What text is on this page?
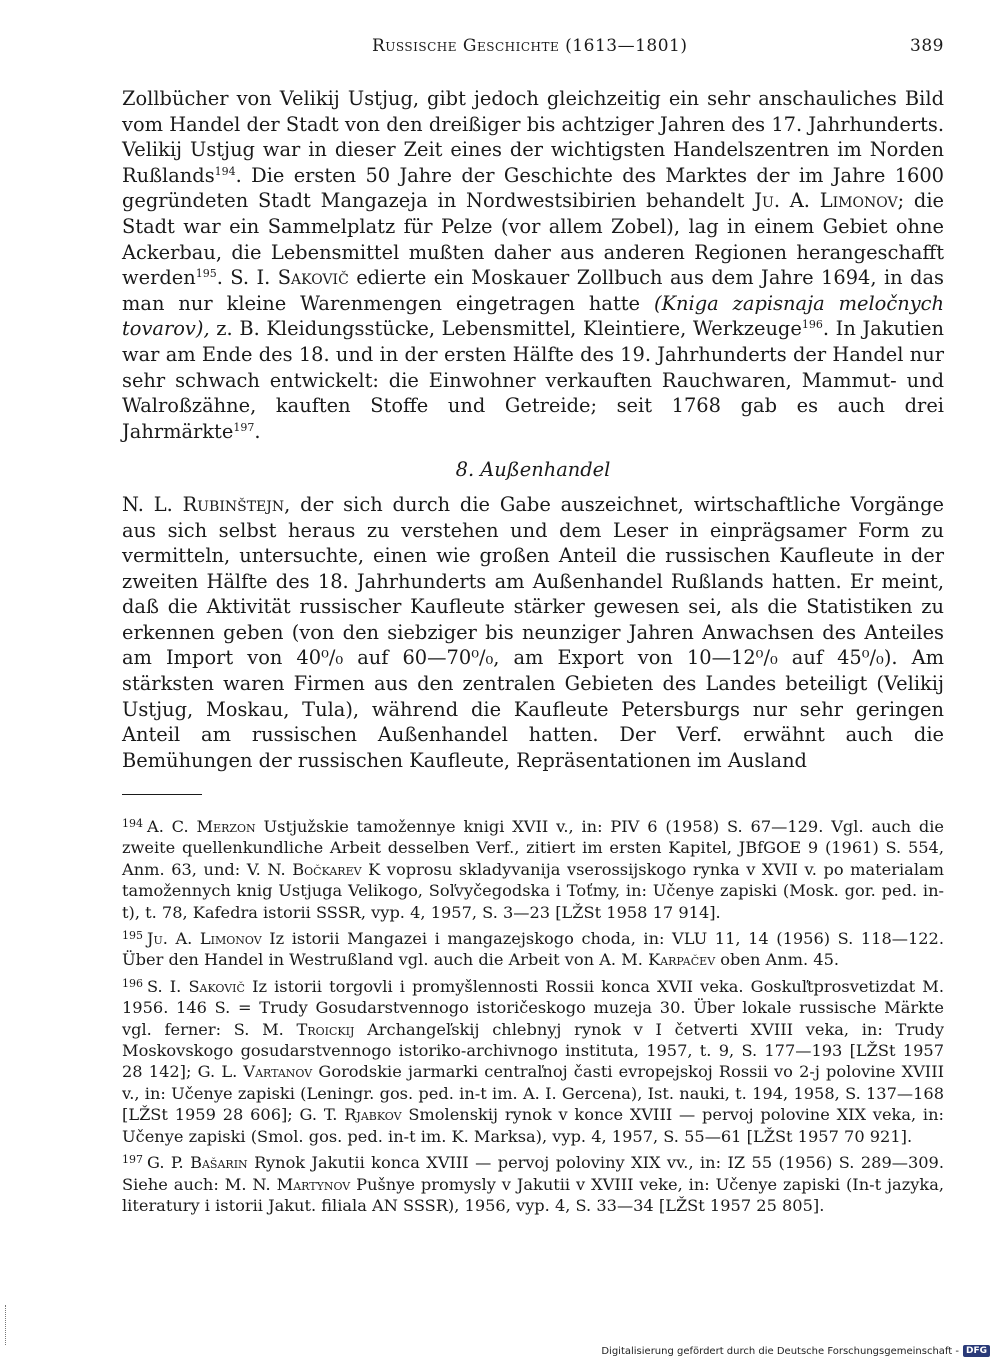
Russische Geschichte (1613—1801)	389

Zollbücher von Velikij Ustjug, gibt jedoch gleichzeitig ein sehr anschauliches Bild vom Handel der Stadt von den dreißiger bis achtziger Jahren des 17. Jahrhunderts. Velikij Ustjug war in dieser Zeit eines der wichtigsten Handelszentren im Norden Rußlands$^{194}$. Die ersten 50 Jahre der Geschichte des Marktes der im Jahre 1600 gegründeten Stadt Mangazeja in Nordwestsibirien behandelt Ju. A. Limonov; die Stadt war ein Sammelplatz für Pelze (vor allem Zobel), lag in einem Gebiet ohne Ackerbau, die Lebensmittel mußten daher aus anderen Regionen herangeschafft werden$^{195}$. S. I. Sakovič edierte ein Moskauer Zollbuch aus dem Jahre 1694, in das man nur kleine Warenmengen eingetragen hatte (Kniga zapisnaja meločnych tovarov), z. B. Kleidungsstücke, Lebensmittel, Kleintiere, Werkzeuge$^{196}$. In Jakutien war am Ende des 18. und in der ersten Hälfte des 19. Jahrhunderts der Handel nur sehr schwach entwickelt: die Einwohner verkauften Rauchwaren, Mammut- und Walroßzähne, kauften Stoffe und Getreide; seit 1768 gab es auch drei Jahrmärkte$^{197}$.

8. Außenhandel

N. L. Rubinštejn, der sich durch die Gabe auszeichnet, wirtschaftliche Vorgänge aus sich selbst heraus zu verstehen und dem Leser in einprägsamer Form zu vermitteln, untersuchte, einen wie großen Anteil die russischen Kaufleute in der zweiten Hälfte des 18. Jahrhunderts am Außenhandel Rußlands hatten. Er meint, daß die Aktivität russischer Kaufleute stärker gewesen sei, als die Statistiken zu erkennen geben (von den siebziger bis neunziger Jahren Anwachsen des Anteiles am Import von 40⁰/₀ auf 60—70⁰/₀, am Export von 10—12⁰/₀ auf 45⁰/₀). Am stärksten waren Firmen aus den zentralen Gebieten des Landes beteiligt (Velikij Ustjug, Moskau, Tula), während die Kaufleute Petersburgs nur sehr geringen Anteil am russischen Außenhandel hatten. Der Verf. erwähnt auch die Bemühungen der russischen Kaufleute, Repräsentationen im Ausland

$^{194}$ A. C. Merzon Ustjužskie tamožennye knigi XVII v., in: PIV 6 (1958) S. 67—129. Vgl. auch die zweite quellenkundliche Arbeit desselben Verf., zitiert im ersten Kapitel, JBfGOE 9 (1961) S. 554, Anm. 63, und: V. N. Bočkarev K voprosu skladyvanija vserossijskogo rynka v XVII v. po materialam tamožennych knig Ustjuga Velikogo, Soľvyčegodska i Toťmy, in: Učenye zapiski (Mosk. gor. ped. in-t), t. 78, Kafedra istorii SSSR, vyp. 4, 1957, S. 3—23 [LŽSt 1958 17 914].

$^{195}$ Ju. A. Limonov Iz istorii Mangazei i mangazejskogo choda, in: VLU 11, 14 (1956) S. 118—122. Über den Handel in Westrußland vgl. auch die Arbeit von A. M. Karpačev oben Anm. 45.

$^{196}$ S. I. Sakovič Iz istorii torgovli i promyšlennosti Rossii konca XVII veka. Goskuľtprosvetizdat M. 1956. 146 S. = Trudy Gosudarstvennogo istoričeskogo muzeja 30. Über lokale russische Märkte vgl. ferner: S. M. Troickij Archangeľskij chlebnyj rynok v I četverti XVIII veka, in: Trudy Moskovskogo gosudarstvennogo istoriko-archivnogo instituta, 1957, t. 9, S. 177—193 [LŽSt 1957 28 142]; G. L. Vartanov Gorodskie jarmarki centraľnoj časti evropejskoj Rossii vo 2-j polovine XVIII v., in: Učenye zapiski (Leningr. gos. ped. in-t im. A. I. Gercena), Ist. nauki, t. 194, 1958, S. 137—168 [LŽSt 1959 28 606]; G. T. Rjabkov Smolenskij rynok v konce XVIII — pervoj polovine XIX veka, in: Učenye zapiski (Smol. gos. ped. in-t im. K. Marksa), vyp. 4, 1957, S. 55—61 [LŽSt 1957 70 921].

$^{197}$ G. P. Bašarin Rynok Jakutii konca XVIII — pervoj poloviny XIX vv., in: IZ 55 (1956) S. 289—309. Siehe auch: M. N. Martynov Pušnye promysly v Jakutii v XVIII veke, in: Učenye zapiski (In-t jazyka, literatury i istorii Jakut. filiala AN SSSR), 1956, vyp. 4, S. 33—34 [LŽSt 1957 25 805].

Digitalisierung gefördert durch die Deutsche Forschungsgemeinschaft - DFG
